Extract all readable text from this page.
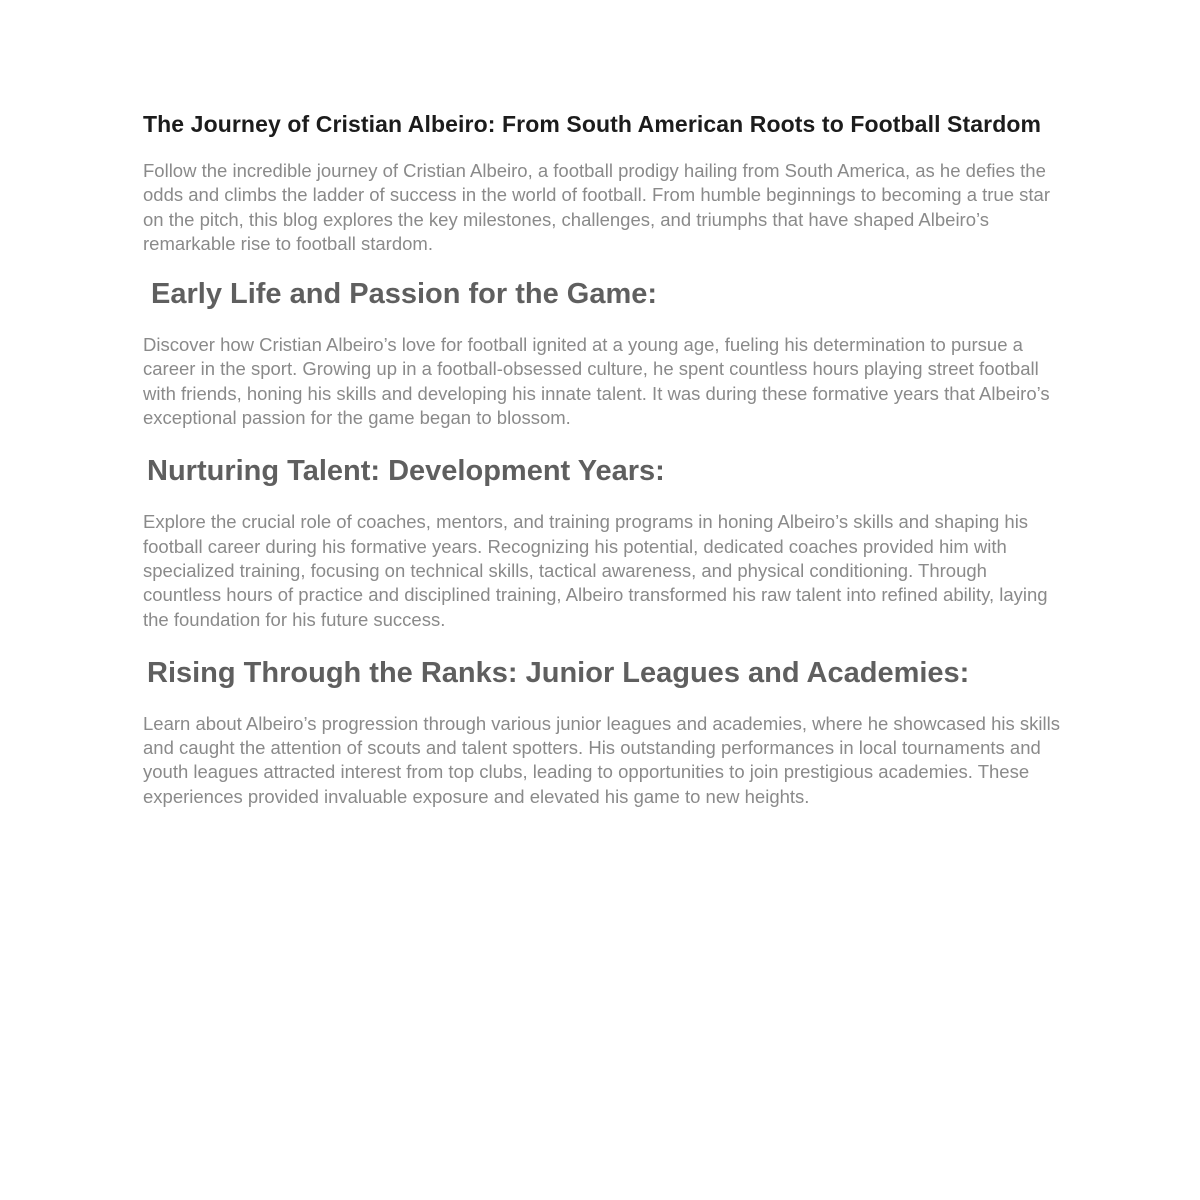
The Journey of Cristian Albeiro: From South American Roots to Football Stardom

Follow the incredible journey of Cristian Albeiro, a football prodigy hailing from South America, as he defies the odds and climbs the ladder of success in the world of football. From humble beginnings to becoming a true star on the pitch, this blog explores the key milestones, challenges, and triumphs that have shaped Albeiro’s remarkable rise to football stardom.

Early Life and Passion for the Game:

Discover how Cristian Albeiro’s love for football ignited at a young age, fueling his determination to pursue a career in the sport. Growing up in a football-obsessed culture, he spent countless hours playing street football with friends, honing his skills and developing his innate talent. It was during these formative years that Albeiro’s exceptional passion for the game began to blossom.

Nurturing Talent: Development Years:

Explore the crucial role of coaches, mentors, and training programs in honing Albeiro’s skills and shaping his football career during his formative years. Recognizing his potential, dedicated coaches provided him with specialized training, focusing on technical skills, tactical awareness, and physical conditioning. Through countless hours of practice and disciplined training, Albeiro transformed his raw talent into refined ability, laying the foundation for his future success.

Rising Through the Ranks: Junior Leagues and Academies:

Learn about Albeiro’s progression through various junior leagues and academies, where he showcased his skills and caught the attention of scouts and talent spotters. His outstanding performances in local tournaments and youth leagues attracted interest from top clubs, leading to opportunities to join prestigious academies. These experiences provided invaluable exposure and elevated his game to new heights.
